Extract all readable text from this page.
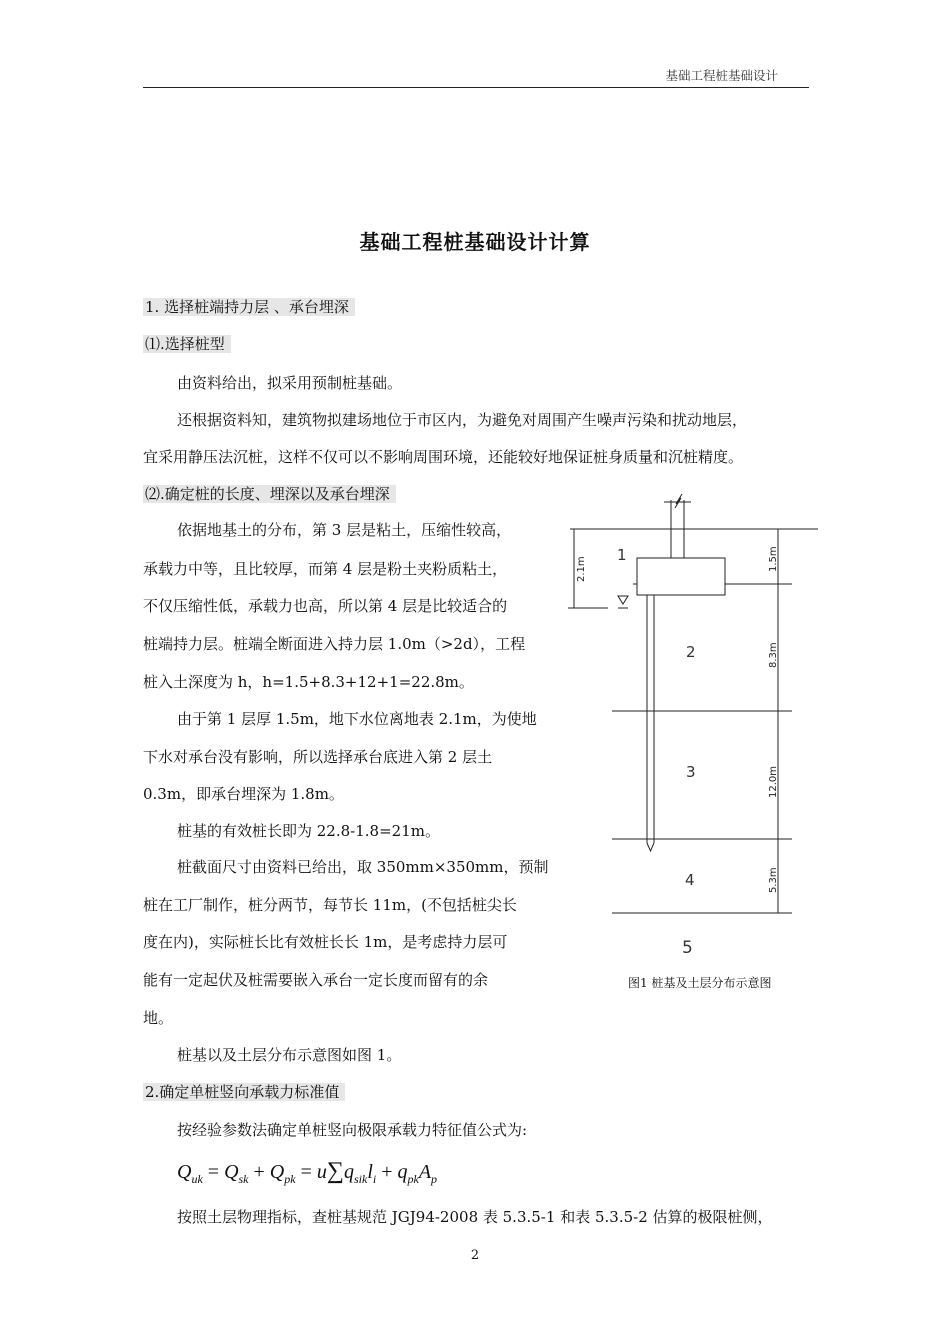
基础工程桩基础设计
基础工程桩基础设计计算
1. 选择桩端持力层 、承台埋深
⑴.选择桩型
由资料给出，拟采用预制桩基础。
还根据资料知，建筑物拟建场地位于市区内，为避免对周围产生噪声污染和扰动地层，
宜采用静压法沉桩，这样不仅可以不影响周围环境，还能较好地保证桩身质量和沉桩精度。
⑵.确定桩的长度、埋深以及承台埋深
依据地基土的分布，第 3 层是粘土，压缩性较高，
承载力中等，且比较厚，而第 4 层是粉土夹粉质粘土，
不仅压缩性低，承载力也高，所以第 4 层是比较适合的
桩端持力层。桩端全断面进入持力层 1.0m（>2d），工程
桩入土深度为 h，h=1.5+8.3+12+1=22.8m。
由于第 1 层厚 1.5m，地下水位离地表 2.1m，为使地
下水对承台没有影响，所以选择承台底进入第 2 层土
0.3m，即承台埋深为 1.8m。
桩基的有效桩长即为 22.8-1.8=21m。
桩截面尺寸由资料已给出，取 350mm×350mm，预制
桩在工厂制作，桩分两节，每节长 11m，(不包括桩尖长
度在内)，实际桩长比有效桩长长 1m，是考虑持力层可
能有一定起伏及桩需要嵌入承台一定长度而留有的余
地。
桩基以及土层分布示意图如图 1。
2.确定单桩竖向承载力标准值
按经验参数法确定单桩竖向极限承载力特征值公式为:
$Q_{uk} = Q_{sk} + Q_{pk} = u\sum q_{sik}l_i + q_{pk}A_p$
按照土层物理指标，查桩基规范 JGJ94-2008 表 5.3.5-1 和表 5.3.5-2 估算的极限桩侧，
1
2
3
4
5
2.1m	1.5m
8.3m
12.0m
5.3m
图1 桩基及土层分布示意图
2
